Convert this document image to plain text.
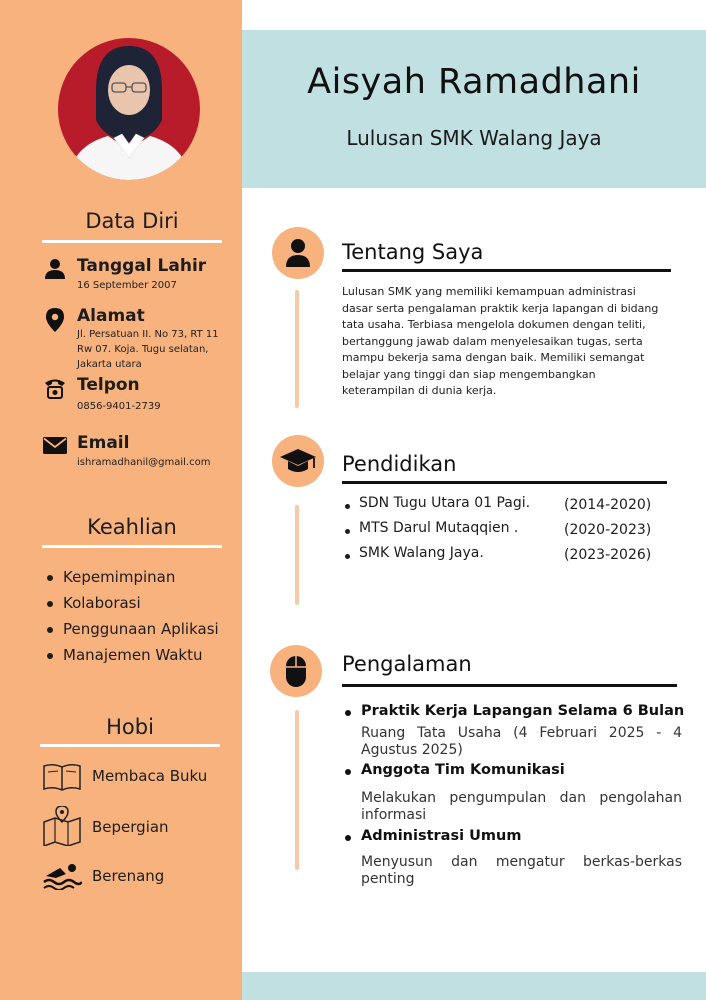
Data Diri
Tanggal Lahir
16 September 2007
Alamat
Jl. Persatuan II. No 73, RT 11 Rw 07. Koja. Tugu selatan, Jakarta utara
Telpon
0856-9401-2739
Email
ishramadhanil@gmail.com
Keahlian
Kepemimpinan
Kolaborasi
Penggunaan Aplikasi
Manajemen Waktu
Hobi
Membaca Buku
Bepergian
Berenang
Aisyah Ramadhani
Lulusan SMK Walang Jaya
Tentang Saya
Lulusan SMK yang memiliki kemampuan administrasi dasar serta pengalaman praktik kerja lapangan di bidang tata usaha. Terbiasa mengelola dokumen dengan teliti, bertanggung jawab dalam menyelesaikan tugas, serta mampu bekerja sama dengan baik. Memiliki semangat belajar yang tinggi dan siap mengembangkan keterampilan di dunia kerja.
Pendidikan
SDN Tugu Utara 01 Pagi. (2014-2020)
MTS Darul Mutaqqien .	(2020-2023)
SMK Walang Jaya.	(2023-2026)
Pengalaman
Praktik Kerja Lapangan Selama 6 Bulan
Ruang Tata Usaha (4 Februari 2025 - 4 Agustus 2025)
Anggota Tim Komunikasi
Melakukan pengumpulan dan pengolahan informasi
Administrasi Umum
Menyusun dan mengatur berkas-berkas penting
